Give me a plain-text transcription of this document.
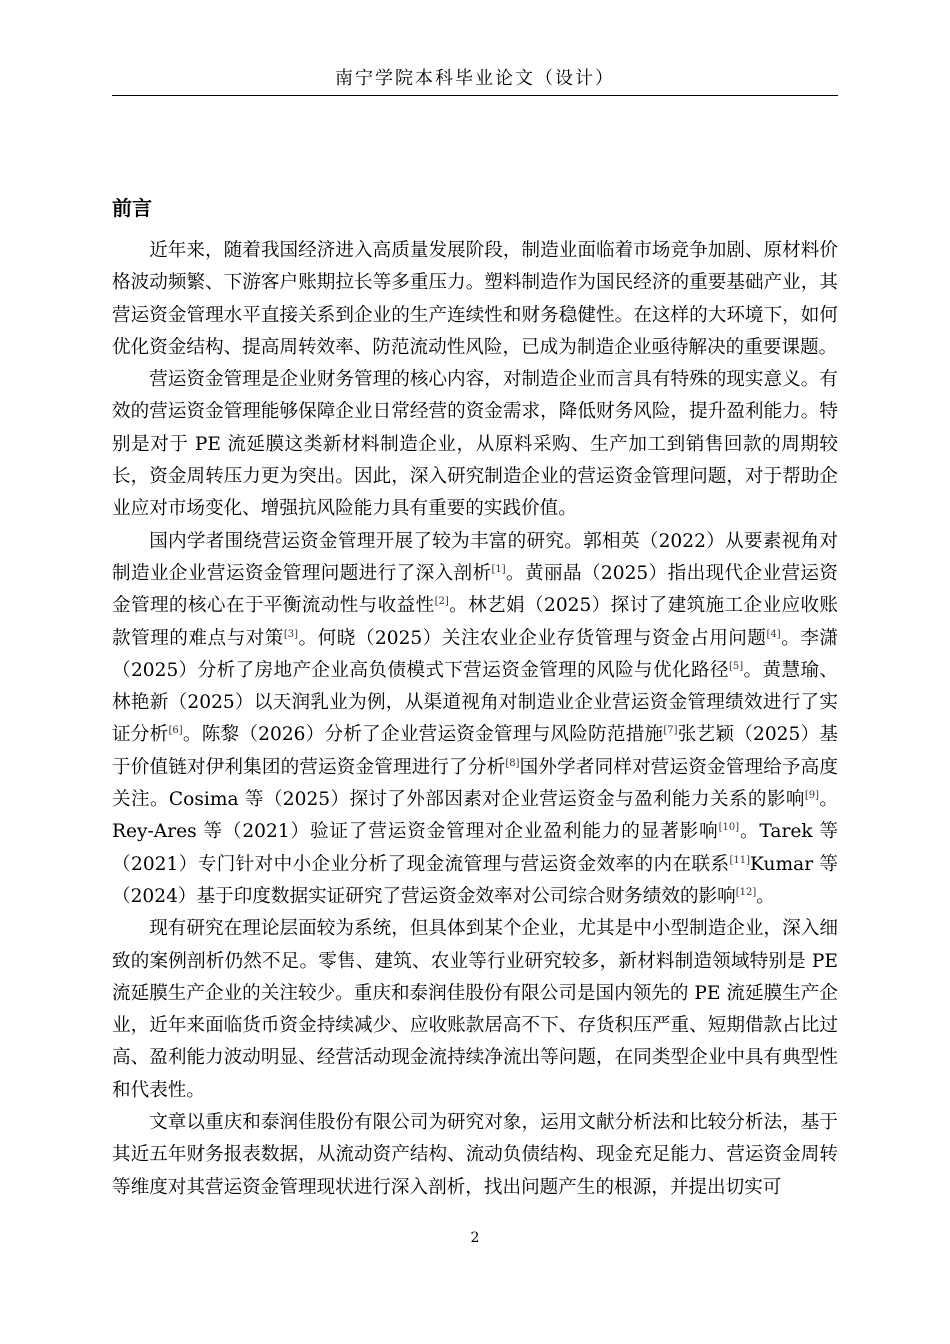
南宁学院本科毕业论文（设计）
前言

近年来，随着我国经济进入高质量发展阶段，制造业面临着市场竞争加剧、原材料价格波动频繁、下游客户账期拉长等多重压力。塑料制造作为国民经济的重要基础产业，其营运资金管理水平直接关系到企业的生产连续性和财务稳健性。在这样的大环境下，如何优化资金结构、提高周转效率、防范流动性风险，已成为制造企业亟待解决的重要课题。

营运资金管理是企业财务管理的核心内容，对制造企业而言具有特殊的现实意义。有效的营运资金管理能够保障企业日常经营的资金需求，降低财务风险，提升盈利能力。特别是对于 PE 流延膜这类新材料制造企业，从原料采购、生产加工到销售回款的周期较长，资金周转压力更为突出。因此，深入研究制造企业的营运资金管理问题，对于帮助企业应对市场变化、增强抗风险能力具有重要的实践价值。

国内学者围绕营运资金管理开展了较为丰富的研究。郭相英（2022）从要素视角对制造业企业营运资金管理问题进行了深入剖析[1]。黄丽晶（2025）指出现代企业营运资金管理的核心在于平衡流动性与收益性[2]。林艺娟（2025）探讨了建筑施工企业应收账款管理的难点与对策[3]。何晓（2025）关注农业企业存货管理与资金占用问题[4]。李潇（2025）分析了房地产企业高负债模式下营运资金管理的风险与优化路径[5]。黄慧瑜、林艳新（2025）以天润乳业为例，从渠道视角对制造业企业营运资金管理绩效进行了实证分析[6]。陈黎（2026）分析了企业营运资金管理与风险防范措施[7]张艺颖（2025）基于价值链对伊利集团的营运资金管理进行了分析[8]国外学者同样对营运资金管理给予高度关注。Cosima 等（2025）探讨了外部因素对企业营运资金与盈利能力关系的影响[9]。Rey-Ares 等（2021）验证了营运资金管理对企业盈利能力的显著影响[10]。Tarek 等（2021）专门针对中小企业分析了现金流管理与营运资金效率的内在联系[11]Kumar 等（2024）基于印度数据实证研究了营运资金效率对公司综合财务绩效的影响[12]。

现有研究在理论层面较为系统，但具体到某个企业，尤其是中小型制造企业，深入细致的案例剖析仍然不足。零售、建筑、农业等行业研究较多，新材料制造领域特别是 PE 流延膜生产企业的关注较少。重庆和泰润佳股份有限公司是国内领先的 PE 流延膜生产企业，近年来面临货币资金持续减少、应收账款居高不下、存货积压严重、短期借款占比过高、盈利能力波动明显、经营活动现金流持续净流出等问题，在同类型企业中具有典型性和代表性。

文章以重庆和泰润佳股份有限公司为研究对象，运用文献分析法和比较分析法，基于其近五年财务报表数据，从流动资产结构、流动负债结构、现金充足能力、营运资金周转等维度对其营运资金管理现状进行深入剖析，找出问题产生的根源，并提出切实可

2
